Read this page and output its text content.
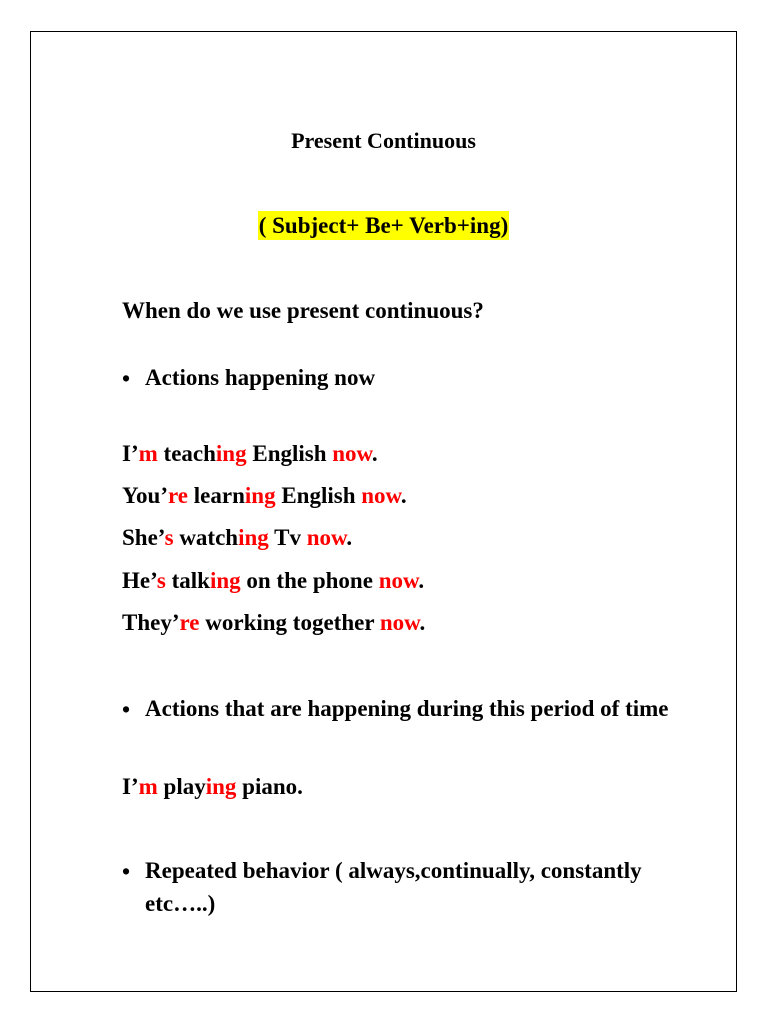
Present Continuous
( Subject+ Be+ Verb+ing)
When do we use present continuous?
• Actions happening now
I’m teaching English now.
You’re learning English now.
She’s watching Tv now.
He’s talking on the phone now.
They’re working together now.
• Actions that are happening during this period of time
I’m playing piano.
• Repeated behavior ( always,continually, constantly etc…..)
